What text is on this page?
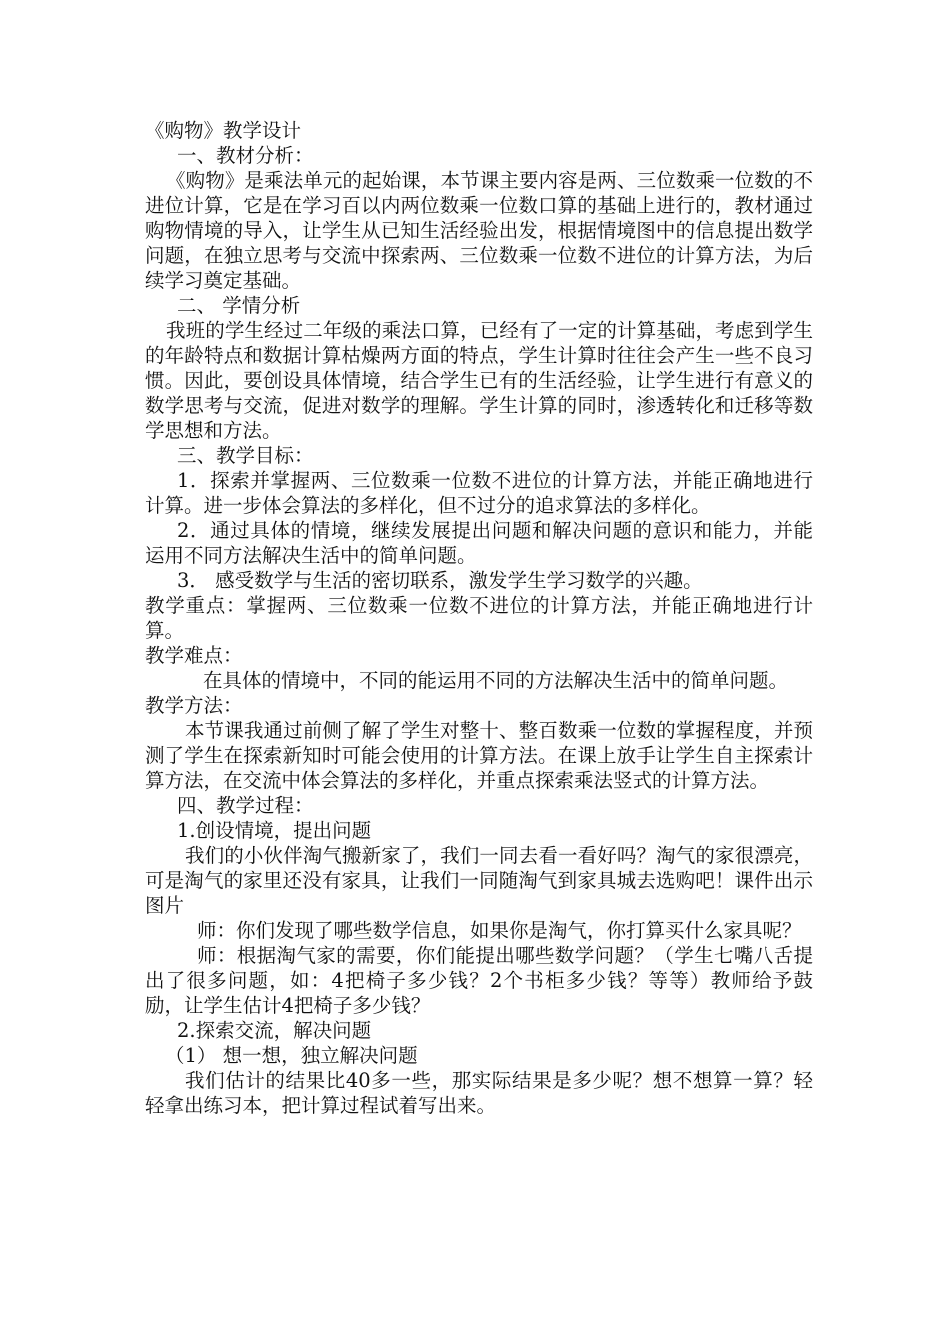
《购物》教学设计

一、教材分析：

《购物》是乘法单元的起始课，本节课主要内容是两、三位数乘一位数的不进位计算，它是在学习百以内两位数乘一位数口算的基础上进行的，教材通过购物情境的导入，让学生从已知生活经验出发，根据情境图中的信息提出数学问题，在独立思考与交流中探索两、三位数乘一位数不进位的计算方法，为后续学习奠定基础。

二、 学情分析

我班的学生经过二年级的乘法口算，已经有了一定的计算基础，考虑到学生的年龄特点和数据计算枯燥两方面的特点，学生计算时往往会产生一些不良习惯。因此，要创设具体情境，结合学生已有的生活经验，让学生进行有意义的数学思考与交流，促进对数学的理解。学生计算的同时，渗透转化和迁移等数学思想和方法。

三、教学目标：

1．探索并掌握两、三位数乘一位数不进位的计算方法，并能正确地进行计算。进一步体会算法的多样化，但不过分的追求算法的多样化。

2．通过具体的情境，继续发展提出问题和解决问题的意识和能力，并能运用不同方法解决生活中的简单问题。

3． 感受数学与生活的密切联系，激发学生学习数学的兴趣。

教学重点：掌握两、三位数乘一位数不进位的计算方法，并能正确地进行计算。

教学难点：

在具体的情境中，不同的能运用不同的方法解决生活中的简单问题。

教学方法：

本节课我通过前侧了解了学生对整十、整百数乘一位数的掌握程度，并预测了学生在探索新知时可能会使用的计算方法。在课上放手让学生自主探索计算方法，在交流中体会算法的多样化，并重点探索乘法竖式的计算方法。

四、教学过程：

1.创设情境，提出问题

我们的小伙伴淘气搬新家了，我们一同去看一看好吗？淘气的家很漂亮，可是淘气的家里还没有家具，让我们一同随淘气到家具城去选购吧！课件出示图片

师：你们发现了哪些数学信息，如果你是淘气，你打算买什么家具呢？

师：根据淘气家的需要，你们能提出哪些数学问题？（学生七嘴八舌提出了很多问题，如：4把椅子多少钱？2个书柜多少钱？等等）教师给予鼓励，让学生估计4把椅子多少钱？

2.探索交流，解决问题

（1） 想一想，独立解决问题

我们估计的结果比40多一些，那实际结果是多少呢？想不想算一算？轻轻拿出练习本，把计算过程试着写出来。
